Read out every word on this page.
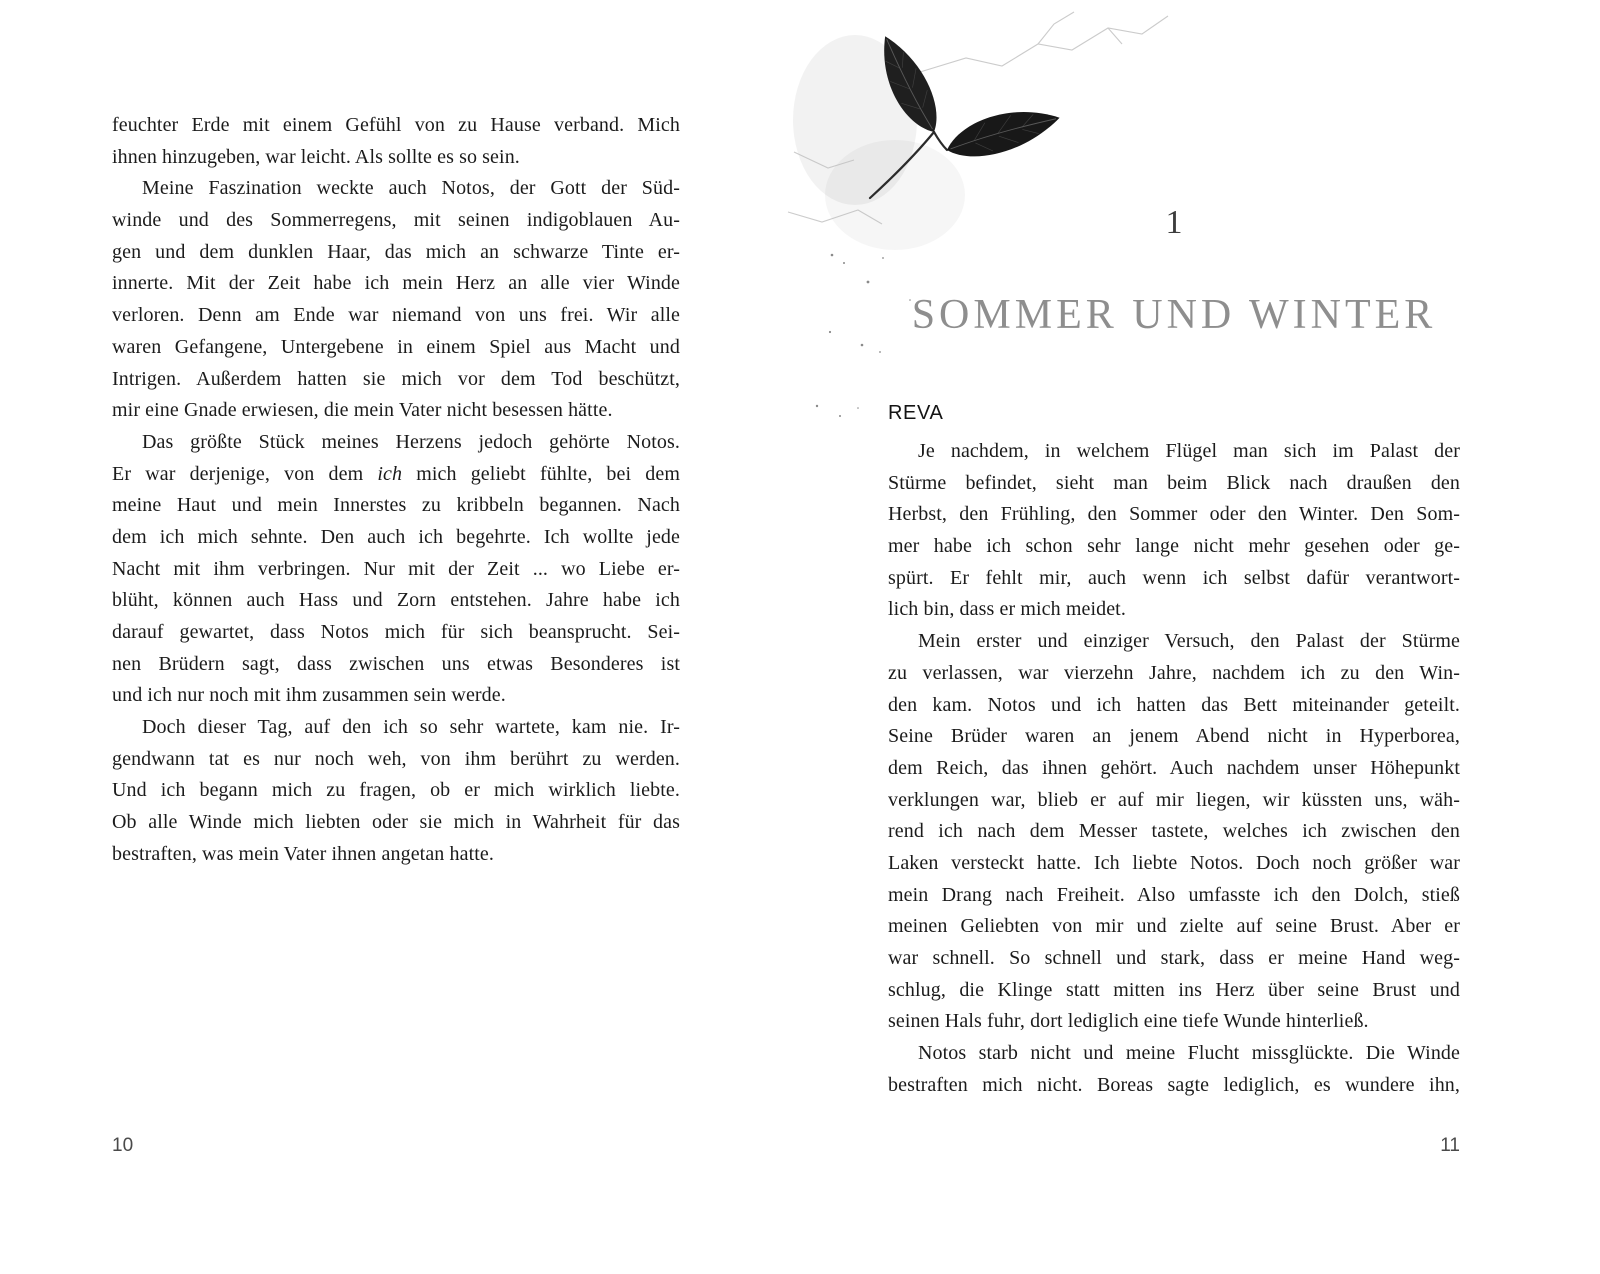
feuchter Erde mit einem Gefühl von zu Hause verband. Mich
ihnen hinzugeben, war leicht. Als sollte es so sein.
Meine Faszination weckte auch Notos, der Gott der Süd-
winde und des Sommerregens, mit seinen indigoblauen Au-
gen und dem dunklen Haar, das mich an schwarze Tinte er-
innerte. Mit der Zeit habe ich mein Herz an alle vier Winde
verloren. Denn am Ende war niemand von uns frei. Wir alle
waren Gefangene, Untergebene in einem Spiel aus Macht und
Intrigen. Außerdem hatten sie mich vor dem Tod beschützt,
mir eine Gnade erwiesen, die mein Vater nicht besessen hätte.
Das größte Stück meines Herzens jedoch gehörte Notos.
Er war derjenige, von dem ich mich geliebt fühlte, bei dem
meine Haut und mein Innerstes zu kribbeln begannen. Nach
dem ich mich sehnte. Den auch ich begehrte. Ich wollte jede
Nacht mit ihm verbringen. Nur mit der Zeit ... wo Liebe er-
blüht, können auch Hass und Zorn entstehen. Jahre habe ich
darauf gewartet, dass Notos mich für sich beansprucht. Sei-
nen Brüdern sagt, dass zwischen uns etwas Besonderes ist
und ich nur noch mit ihm zusammen sein werde.
Doch dieser Tag, auf den ich so sehr wartete, kam nie. Ir-
gendwann tat es nur noch weh, von ihm berührt zu werden.
Und ich begann mich zu fragen, ob er mich wirklich liebte.
Ob alle Winde mich liebten oder sie mich in Wahrheit für das
bestraften, was mein Vater ihnen angetan hatte.
10
1
SOMMER UND WINTER
REVA
Je nachdem, in welchem Flügel man sich im Palast der
Stürme befindet, sieht man beim Blick nach draußen den
Herbst, den Frühling, den Sommer oder den Winter. Den Som-
mer habe ich schon sehr lange nicht mehr gesehen oder ge-
spürt. Er fehlt mir, auch wenn ich selbst dafür verantwort-
lich bin, dass er mich meidet.
Mein erster und einziger Versuch, den Palast der Stürme
zu verlassen, war vierzehn Jahre, nachdem ich zu den Win-
den kam. Notos und ich hatten das Bett miteinander geteilt.
Seine Brüder waren an jenem Abend nicht in Hyperborea,
dem Reich, das ihnen gehört. Auch nachdem unser Höhepunkt
verklungen war, blieb er auf mir liegen, wir küssten uns, wäh-
rend ich nach dem Messer tastete, welches ich zwischen den
Laken versteckt hatte. Ich liebte Notos. Doch noch größer war
mein Drang nach Freiheit. Also umfasste ich den Dolch, stieß
meinen Geliebten von mir und zielte auf seine Brust. Aber er
war schnell. So schnell und stark, dass er meine Hand weg-
schlug, die Klinge statt mitten ins Herz über seine Brust und
seinen Hals fuhr, dort lediglich eine tiefe Wunde hinterließ.
Notos starb nicht und meine Flucht missglückte. Die Winde
bestraften mich nicht. Boreas sagte lediglich, es wundere ihn,
11
